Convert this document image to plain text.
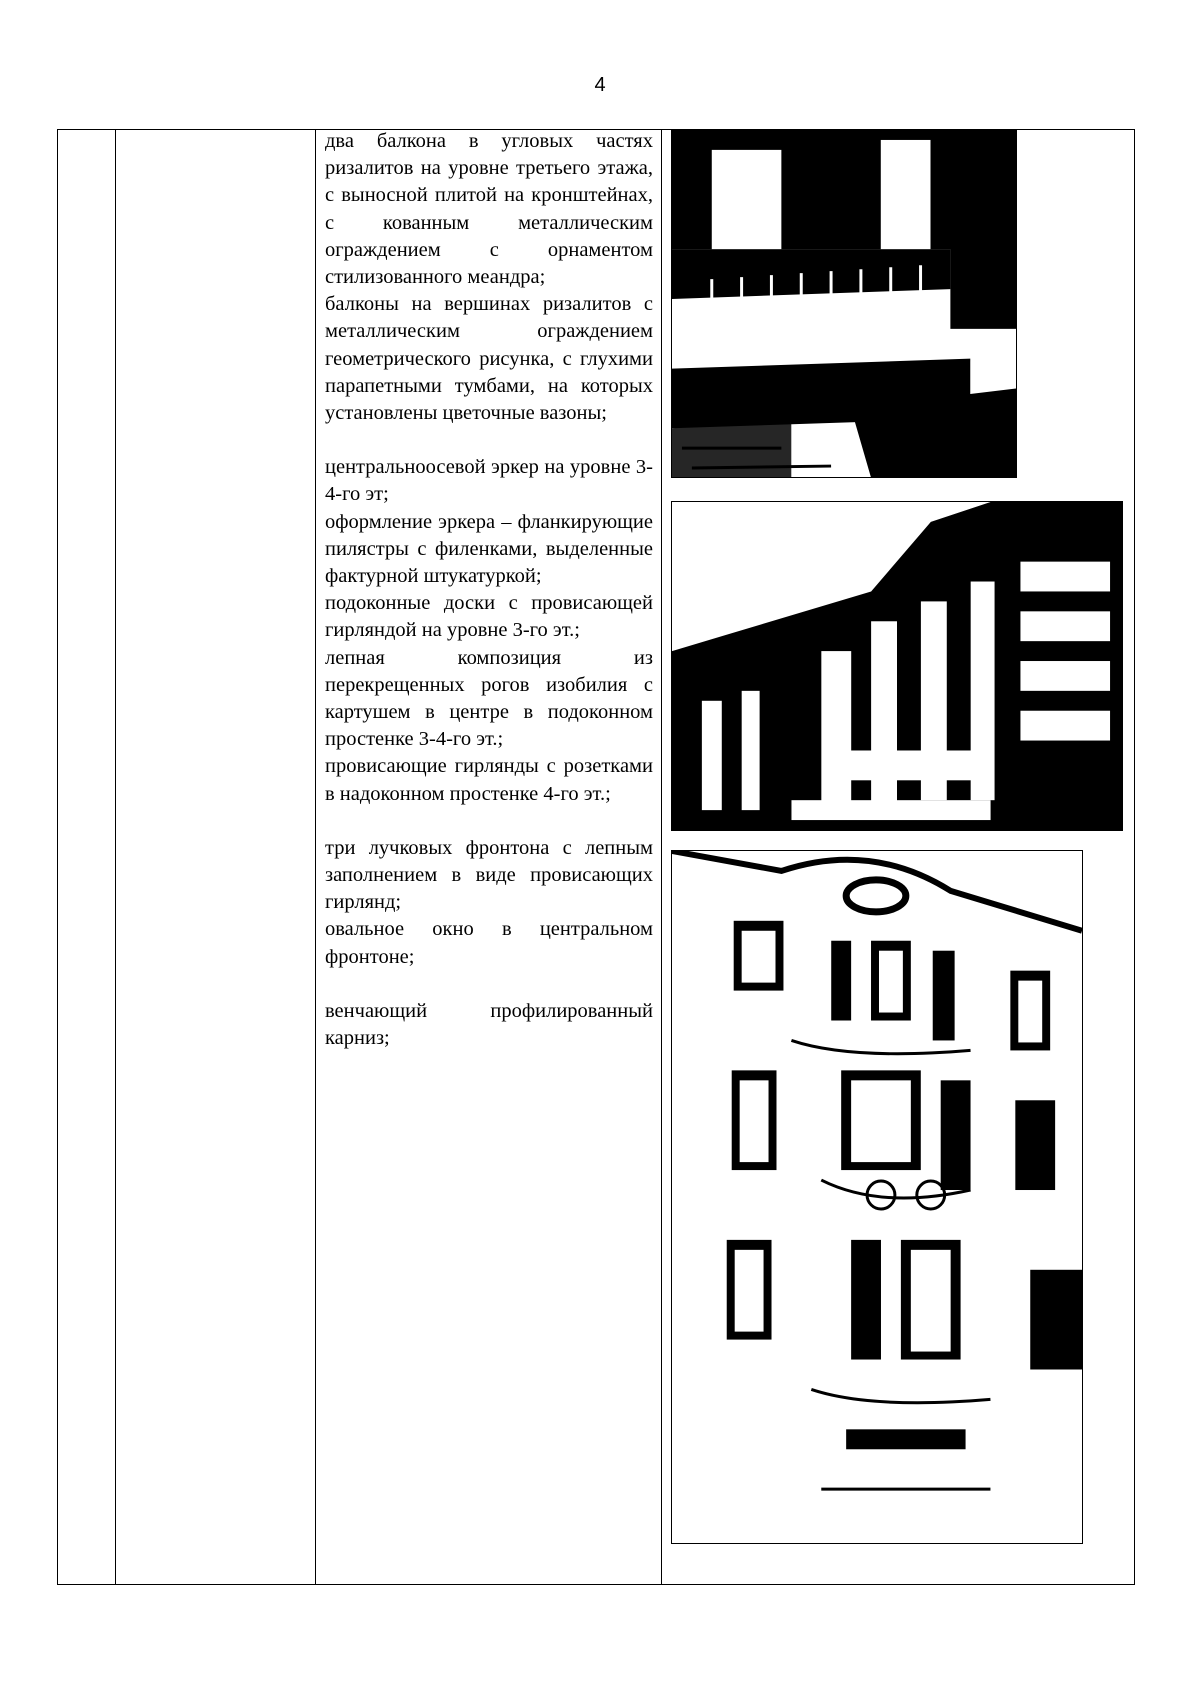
4

два балкона в угловых частях ризалитов на уровне третьего этажа, с выносной плитой на кронштейнах, с кованным металлическим ограждением с орнаментом стилизованного меандра;

балконы на вершинах ризалитов с металлическим ограждением геометрического рисунка, с глухими парапетными тумбами, на которых установлены цветочные вазоны;

центральноосевой эркер на уровне 3-4-го эт;

оформление эркера – фланкирующие пилястры с филенками, выделенные фактурной штукатуркой;

подоконные доски с провисающей гирляндой на уровне 3-го эт.;

лепная композиция из перекрещенных рогов изобилия с картушем в центре в подоконном простенке 3-4-го эт.;

провисающие гирлянды с розетками в надоконном простенке 4-го эт.;

три лучковых фронтона с лепным заполнением в виде провисающих гирлянд;

овальное окно в центральном фронтоне;

венчающий профилированный карниз;
